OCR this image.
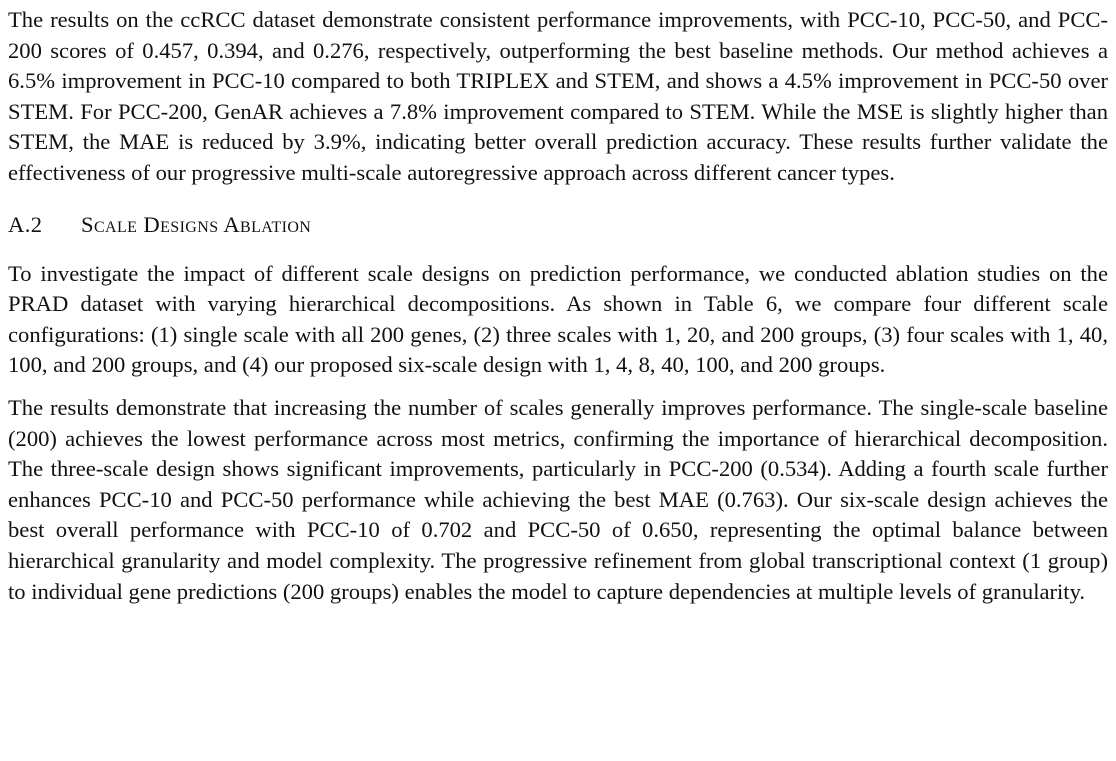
The results on the ccRCC dataset demonstrate consistent performance improvements, with PCC-10, PCC-50, and PCC-200 scores of 0.457, 0.394, and 0.276, respectively, outperforming the best baseline methods. Our method achieves a 6.5% improvement in PCC-10 compared to both TRIPLEX and STEM, and shows a 4.5% improvement in PCC-50 over STEM. For PCC-200, GenAR achieves a 7.8% improvement compared to STEM. While the MSE is slightly higher than STEM, the MAE is reduced by 3.9%, indicating better overall prediction accuracy. These results further validate the effectiveness of our progressive multi-scale autoregressive approach across different cancer types.

A.2	Scale Designs Ablation

To investigate the impact of different scale designs on prediction performance, we conducted ablation studies on the PRAD dataset with varying hierarchical decompositions. As shown in Table 6, we compare four different scale configurations: (1) single scale with all 200 genes, (2) three scales with 1, 20, and 200 groups, (3) four scales with 1, 40, 100, and 200 groups, and (4) our proposed six-scale design with 1, 4, 8, 40, 100, and 200 groups.

The results demonstrate that increasing the number of scales generally improves performance. The single-scale baseline (200) achieves the lowest performance across most metrics, confirming the importance of hierarchical decomposition. The three-scale design shows significant improvements, particularly in PCC-200 (0.534). Adding a fourth scale further enhances PCC-10 and PCC-50 performance while achieving the best MAE (0.763). Our six-scale design achieves the best overall performance with PCC-10 of 0.702 and PCC-50 of 0.650, representing the optimal balance between hierarchical granularity and model complexity. The progressive refinement from global transcriptional context (1 group) to individual gene predictions (200 groups) enables the model to capture dependencies at multiple levels of granularity.
